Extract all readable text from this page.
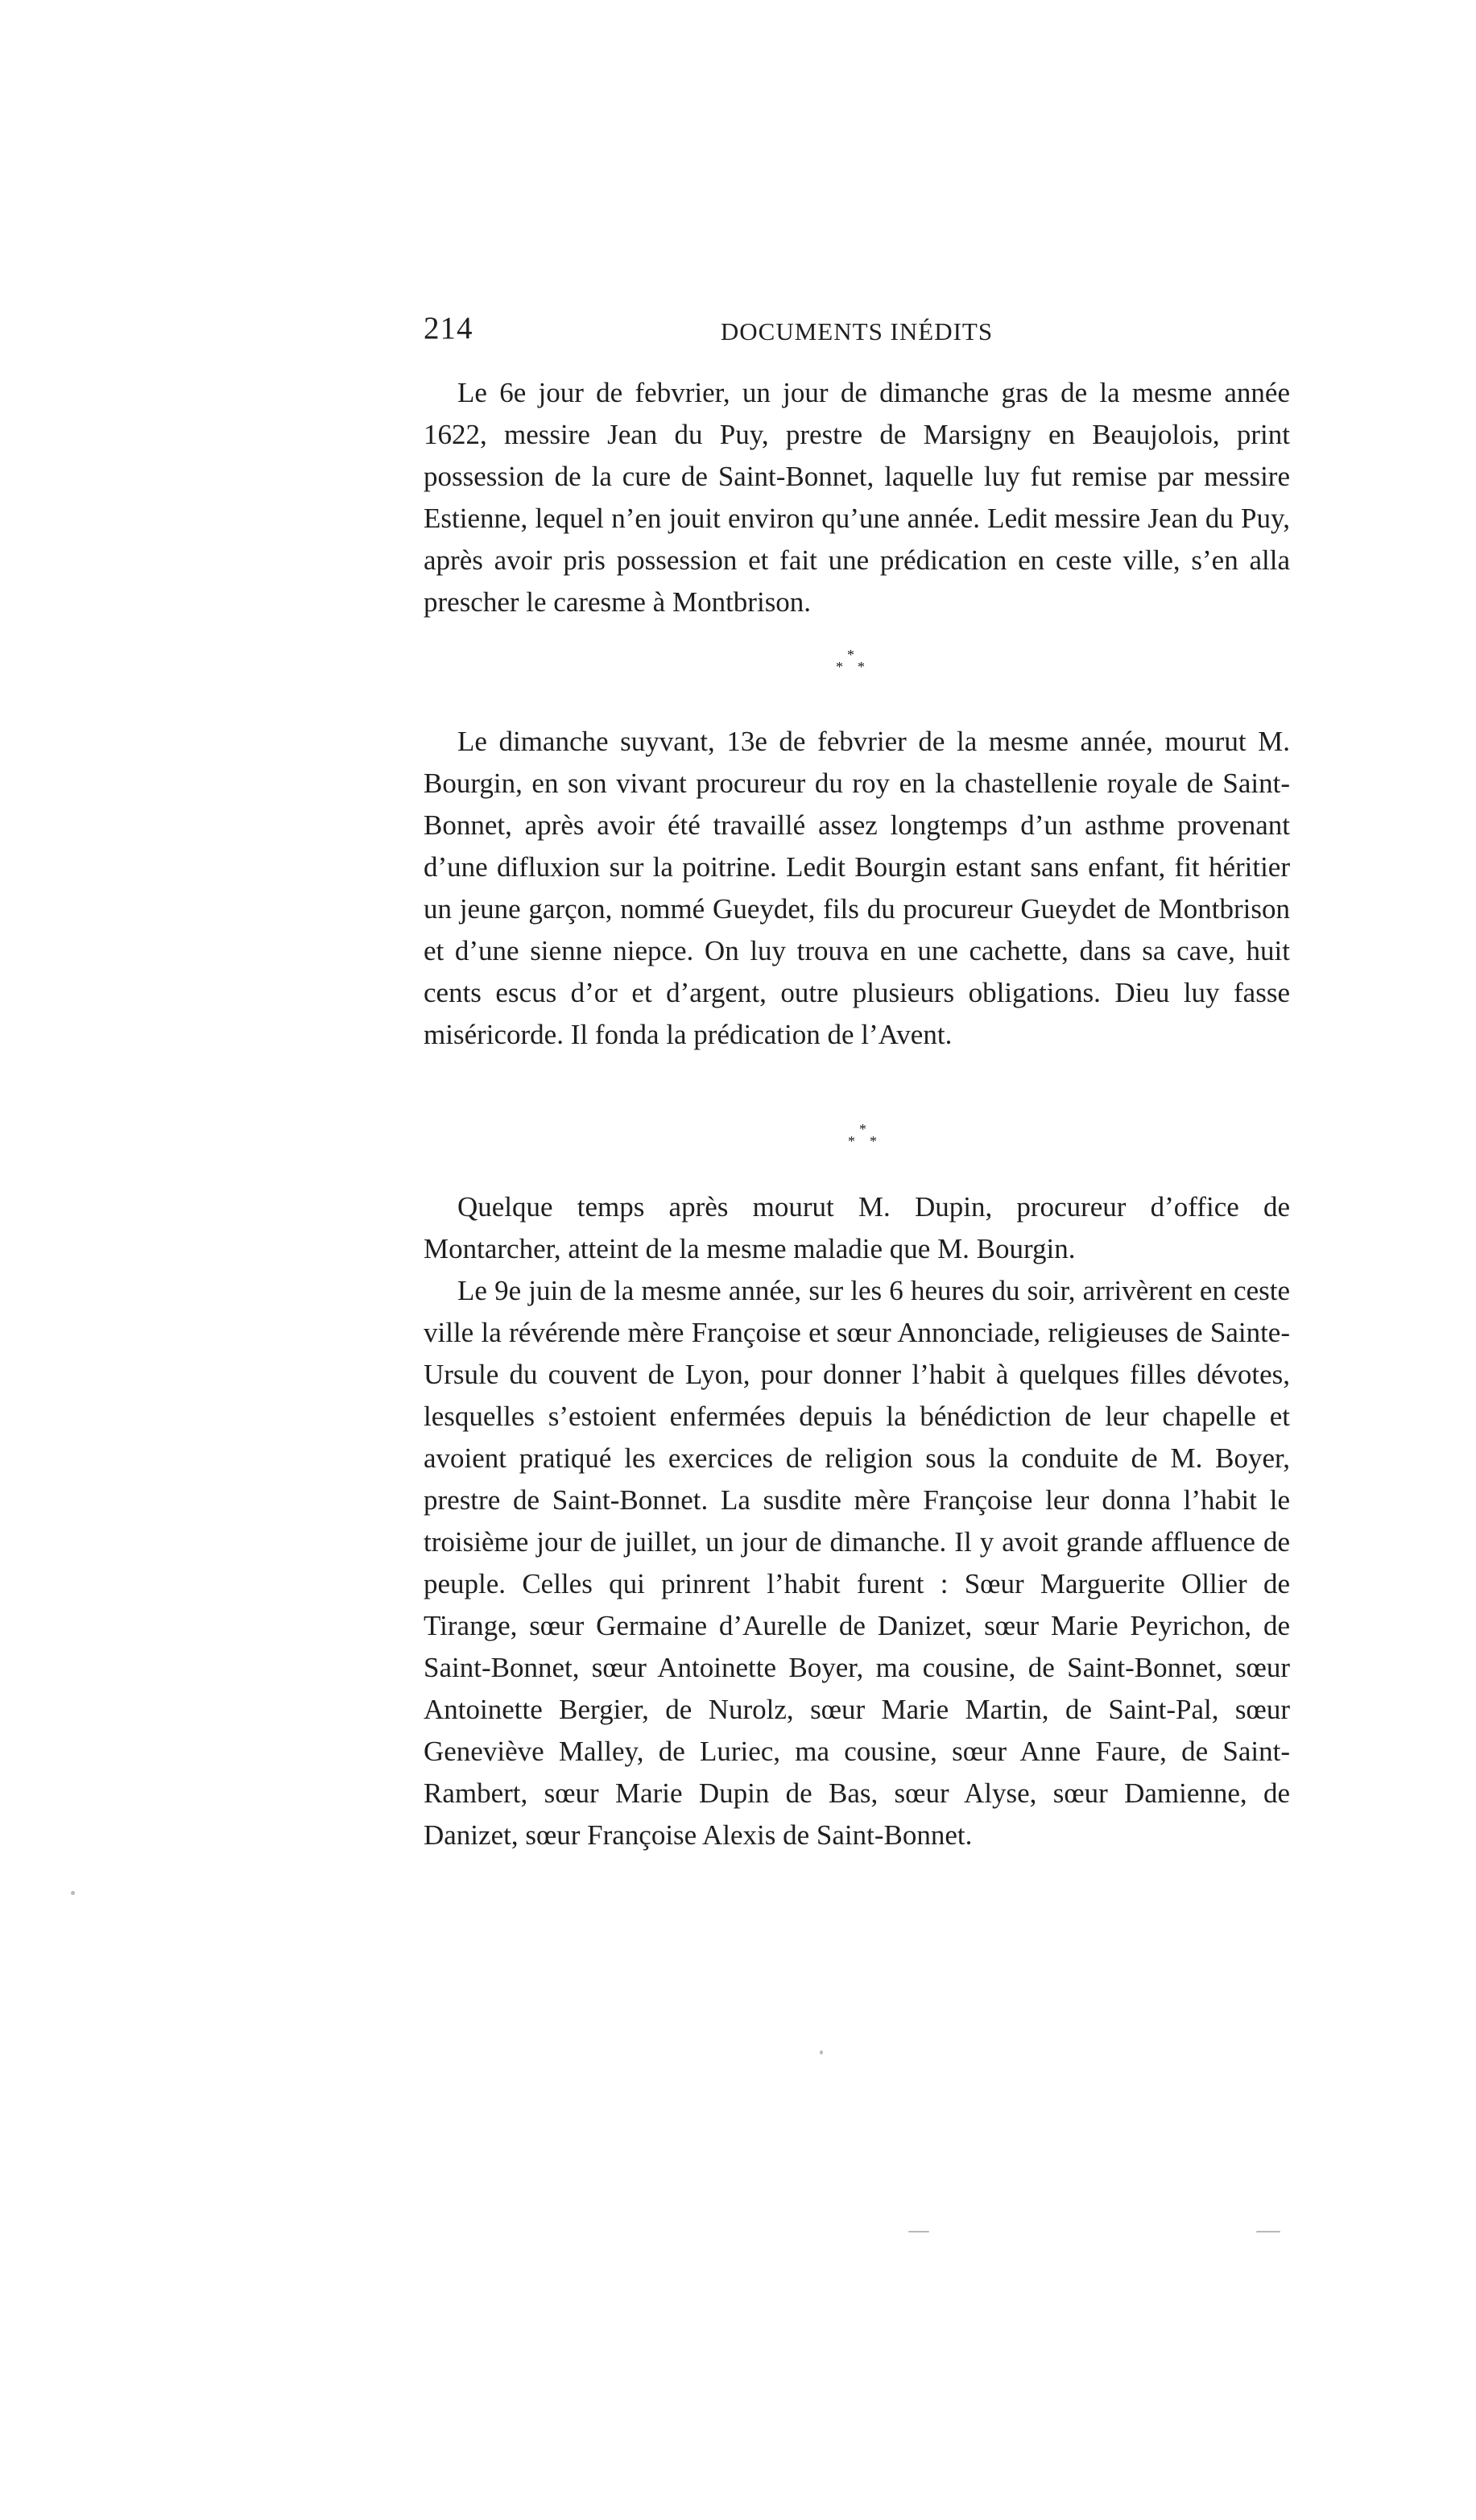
214	DOCUMENTS INÉDITS

Le 6e jour de febvrier, un jour de dimanche gras de la mesme année 1622, messire Jean du Puy, prestre de Marsigny en Beaujolois, print possession de la cure de Saint-Bonnet, laquelle luy fut remise par messire Estienne, lequel n’en jouit environ qu’une année. Ledit messire Jean du Puy, après avoir pris possession et fait une prédication en ceste ville, s’en alla prescher le caresme à Montbrison.

*
* *

Le dimanche suyvant, 13e de febvrier de la mesme année, mourut M. Bourgin, en son vivant procureur du roy en la chastellenie royale de Saint-Bonnet, après avoir été travaillé assez longtemps d’un asthme provenant d’une difluxion sur la poitrine. Ledit Bourgin estant sans enfant, fit héritier un jeune garçon, nommé Gueydet, fils du procureur Gueydet de Montbrison et d’une sienne niepce. On luy trouva en une cachette, dans sa cave, huit cents escus d’or et d’argent, outre plusieurs obligations. Dieu luy fasse miséricorde. Il fonda la prédication de l’Avent.

*
* *

Quelque temps après mourut M. Dupin, procureur d’office de Montarcher, atteint de la mesme maladie que M. Bourgin.

Le 9e juin de la mesme année, sur les 6 heures du soir, arrivèrent en ceste ville la révérende mère Françoise et sœur Annonciade, religieuses de Sainte-Ursule du couvent de Lyon, pour donner l’habit à quelques filles dévotes, lesquelles s’estoient enfermées depuis la bénédiction de leur chapelle et avoient pratiqué les exercices de religion sous la conduite de M. Boyer, prestre de Saint-Bonnet. La susdite mère Françoise leur donna l’habit le troisième jour de juillet, un jour de dimanche. Il y avoit grande affluence de peuple. Celles qui prinrent l’habit furent : Sœur Marguerite Ollier de Tirange, sœur Germaine d’Aurelle de Danizet, sœur Marie Peyrichon, de Saint-Bonnet, sœur Antoinette Boyer, ma cousine, de Saint-Bonnet, sœur Antoinette Bergier, de Nurolz, sœur Marie Martin, de Saint-Pal, sœur Geneviève Malley, de Luriec, ma cousine, sœur Anne Faure, de Saint-Rambert, sœur Marie Dupin de Bas, sœur Alyse, sœur Damienne, de Danizet, sœur Françoise Alexis de Saint-Bonnet.
